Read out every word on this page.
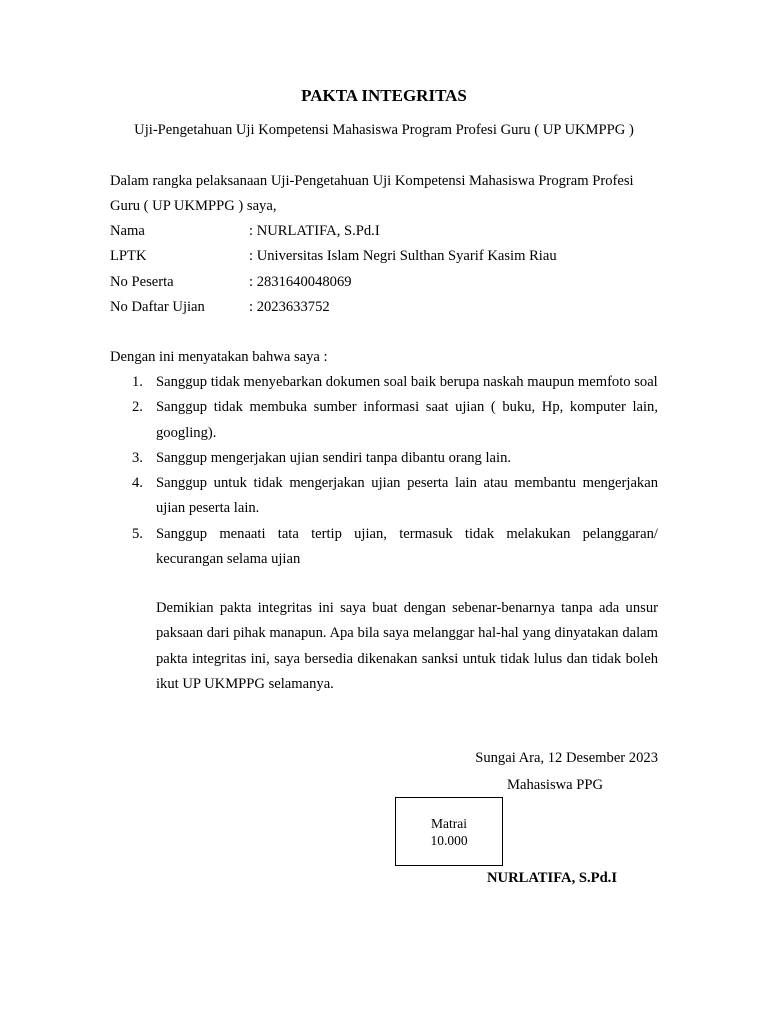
PAKTA INTEGRITAS
Uji-Pengetahuan Uji Kompetensi Mahasiswa Program Profesi Guru ( UP UKMPPG )
Dalam rangka pelaksanaan Uji-Pengetahuan Uji Kompetensi Mahasiswa Program Profesi Guru ( UP UKMPPG ) saya,
Nama	: NURLATIFA, S.Pd.I
LPTK	: Universitas Islam Negri Sulthan Syarif Kasim Riau
No Peserta	: 2831640048069
No Daftar Ujian	: 2023633752
Dengan ini menyatakan bahwa saya :
1. Sanggup tidak menyebarkan dokumen soal baik berupa naskah maupun memfoto soal
2. Sanggup tidak membuka sumber informasi saat ujian ( buku, Hp, komputer lain, googling).
3. Sanggup mengerjakan ujian sendiri tanpa dibantu orang lain.
4. Sanggup untuk tidak mengerjakan ujian peserta lain atau membantu mengerjakan ujian peserta lain.
5. Sanggup menaati tata tertip ujian, termasuk tidak melakukan pelanggaran/ kecurangan selama ujian
Demikian pakta integritas ini saya buat dengan sebenar-benarnya tanpa ada unsur paksaan dari pihak manapun. Apa bila saya melanggar hal-hal yang dinyatakan dalam pakta integritas ini, saya bersedia dikenakan sanksi untuk tidak lulus dan tidak boleh ikut UP UKMPPG selamanya.
Sungai Ara, 12 Desember 2023
Mahasiswa PPG
Matrai
10.000
NURLATIFA, S.Pd.I
